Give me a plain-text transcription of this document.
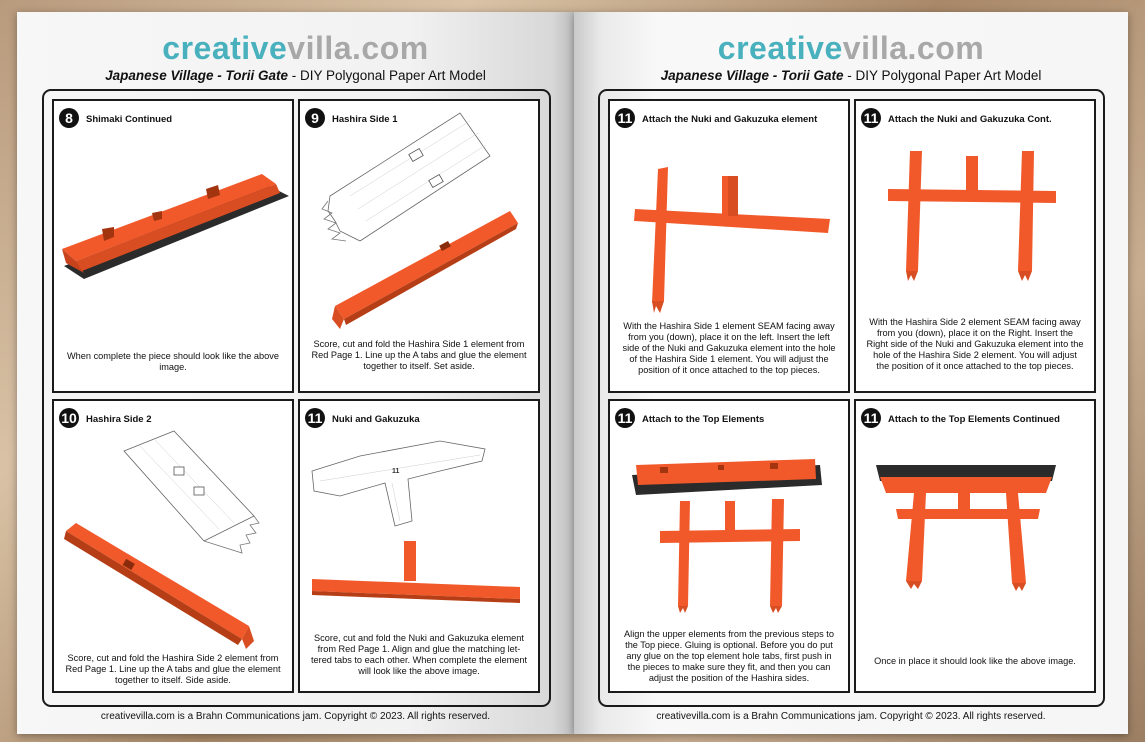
creativevilla.com
Japanese Village - Torii Gate - DIY Polygonal Paper Art Model
8	Shimaki Continued
When complete the piece should look like the above image.
9	Hashira Side 1
Score, cut and fold the Hashira Side 1 element from Red Page 1. Line up the A tabs and glue the element together to itself. Set aside.
10 Hashira Side 2
Score, cut and fold the Hashira Side 2 element from Red Page 1. Line up the A tabs and glue the element together to itself. Side aside.
11 Nuki and Gakuzuka
11
Score, cut and fold the Nuki and Gakuzuka element from Red Page 1. Align and glue the matching let-tered tabs to each other. When complete the element will look like the above image.
creativevilla.com is a Brahn Communications jam. Copyright © 2023. All rights reserved.
creativevilla.com
Japanese Village - Torii Gate - DIY Polygonal Paper Art Model
11 Attach the Nuki and Gakuzuka element
With the Hashira Side 1 element SEAM facing away from you (down), place it on the left. Insert the left side of the Nuki and Gakuzuka element into the hole of the Hashira Side 1 element. You will adjust the position of it once attached to the top pieces.
11 Attach the Nuki and Gakuzuka Cont.
With the Hashira Side 2 element SEAM facing away from you (down), place it on the Right. Insert the Right side of the Nuki and Gakuzuka element into the hole of the Hashira Side 2 element. You will adjust the position of it once attached to the top pieces.
11 Attach to the Top Elements
Align the upper elements from the previous steps to the Top piece. Gluing is optional. Before you do put any glue on the top element hole tabs, first push in the pieces to make sure they fit, and then you can adjust the position of the Hashira sides.
11 Attach to the Top Elements Continued
Once in place it should look like the above image.
creativevilla.com is a Brahn Communications jam. Copyright © 2023. All rights reserved.
